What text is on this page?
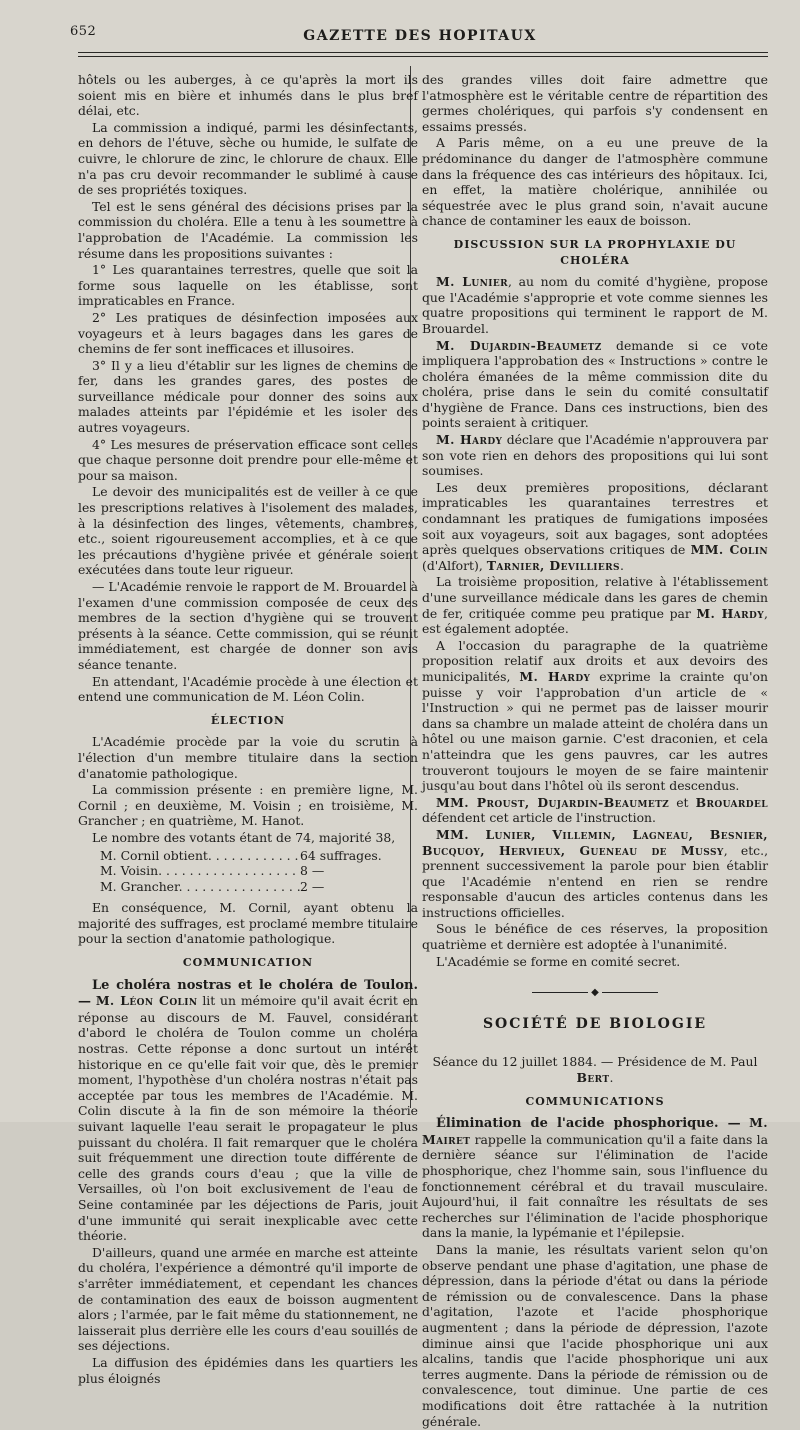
652	GAZETTE DES HOPITAUX

hôtels ou les auberges, à ce qu'après la mort ils soient mis en bière et inhumés dans le plus bref délai, etc.

La commission a indiqué, parmi les désinfectants, en dehors de l'étuve, sèche ou humide, le sulfate de cuivre, le chlorure de zinc, le chlorure de chaux. Elle n'a pas cru devoir recommander le sublimé à cause de ses propriétés toxiques.

Tel est le sens général des décisions prises par la commission du choléra. Elle a tenu à les soumettre à l'approbation de l'Académie. La commission les résume dans les propositions suivantes :

1° Les quarantaines terrestres, quelle que soit la forme sous laquelle on les établisse, sont impraticables en France.

2° Les pratiques de désinfection imposées aux voyageurs et à leurs bagages dans les gares de chemins de fer sont inefficaces et illusoires.

3° Il y a lieu d'établir sur les lignes de chemins de fer, dans les grandes gares, des postes de surveillance médicale pour donner des soins aux malades atteints par l'épidémie et les isoler des autres voyageurs.

4° Les mesures de préservation efficace sont celles que chaque personne doit prendre pour elle-même et pour sa maison.

Le devoir des municipalités est de veiller à ce que les prescriptions relatives à l'isolement des malades, à la désinfection des linges, vêtements, chambres, etc., soient rigoureusement accomplies, et à ce que les précautions d'hygiène privée et générale soient exécutées dans toute leur rigueur.

— L'Académie renvoie le rapport de M. Brouardel à l'examen d'une commission composée de ceux des membres de la section d'hygiène qui se trouvent présents à la séance. Cette commission, qui se réunit immédiatement, est chargée de donner son avis séance tenante.

En attendant, l'Académie procède à une élection et entend une communication de M. Léon Colin.

ÉLECTION

L'Académie procède par la voie du scrutin à l'élection d'un membre titulaire dans la section d'anatomie pathologique.

La commission présente : en première ligne, M. Cornil ; en deuxième, M. Voisin ; en troisième, M. Grancher ; en quatrième, M. Hanot.

Le nombre des votants étant de 74, majorité 38,

M. Cornil obtient. . . .	64 suffrages.
M. Voisin. . . .	8 —
M. Grancher. . . .	2 —

En conséquence, M. Cornil, ayant obtenu la majorité des suffrages, est proclamé membre titulaire pour la section d'anatomie pathologique.

COMMUNICATION

Le choléra nostras et le choléra de Toulon. — M. Léon Colin lit un mémoire qu'il avait écrit en réponse au discours de M. Fauvel, considérant d'abord le choléra de Toulon comme un choléra nostras. Cette réponse a donc surtout un intérêt historique en ce qu'elle fait voir que, dès le premier moment, l'hypothèse d'un choléra nostras n'était pas acceptée par tous les membres de l'Académie. M. Colin discute à la fin de son mémoire la théorie suivant laquelle l'eau serait le propagateur le plus puissant du choléra. Il fait remarquer que le choléra suit fréquemment une direction toute différente de celle des grands cours d'eau ; que la ville de Versailles, où l'on boit exclusivement de l'eau de Seine contaminée par les déjections de Paris, jouit d'une immunité qui serait inexplicable avec cette théorie.

D'ailleurs, quand une armée en marche est atteinte du choléra, l'expérience a démontré qu'il importe de s'arrêter immédiatement, et cependant les chances de contamination des eaux de boisson augmentent alors ; l'armée, par le fait même du stationnement, ne laisserait plus derrière elle les cours d'eau souillés de ses déjections.

La diffusion des épidémies dans les quartiers les plus éloignés

des grandes villes doit faire admettre que l'atmosphère est le véritable centre de répartition des germes cholériques, qui parfois s'y condensent en essaims pressés.

A Paris même, on a eu une preuve de la prédominance du danger de l'atmosphère commune dans la fréquence des cas intérieurs des hôpitaux. Ici, en effet, la matière cholérique, annihilée ou séquestrée avec le plus grand soin, n'avait aucune chance de contaminer les eaux de boisson.

DISCUSSION SUR LA PROPHYLAXIE DU CHOLÉRA

M. Lunier, au nom du comité d'hygiène, propose que l'Académie s'approprie et vote comme siennes les quatre propositions qui terminent le rapport de M. Brouardel.

M. Dujardin-Beaumetz demande si ce vote impliquera l'approbation des « Instructions » contre le choléra émanées de la même commission dite du choléra, prise dans le sein du comité consultatif d'hygiène de France. Dans ces instructions, bien des points seraient à critiquer.

M. Hardy déclare que l'Académie n'approuvera par son vote rien en dehors des propositions qui lui sont soumises.

Les deux premières propositions, déclarant impraticables les quarantaines terrestres et condamnant les pratiques de fumigations imposées soit aux voyageurs, soit aux bagages, sont adoptées après quelques observations critiques de MM. Colin (d'Alfort), Tarnier, Devilliers.

La troisième proposition, relative à l'établissement d'une surveillance médicale dans les gares de chemin de fer, critiquée comme peu pratique par M. Hardy, est également adoptée.

A l'occasion du paragraphe de la quatrième proposition relatif aux droits et aux devoirs des municipalités, M. Hardy exprime la crainte qu'on puisse y voir l'approbation d'un article de « l'Instruction » qui ne permet pas de laisser mourir dans sa chambre un malade atteint de choléra dans un hôtel ou une maison garnie. C'est draconien, et cela n'atteindra que les gens pauvres, car les autres trouveront toujours le moyen de se faire maintenir jusqu'au bout dans l'hôtel où ils seront descendus.

MM. Proust, Dujardin-Beaumetz et Brouardel défendent cet article de l'instruction.

MM. Lunier, Villemin, Lagneau, Besnier, Bucquoy, Hervieux, Gueneau de Mussy, etc., prennent successivement la parole pour bien établir que l'Académie n'entend en rien se rendre responsable d'aucun des articles contenus dans les instructions officielles.

Sous le bénéfice de ces réserves, la proposition quatrième et dernière est adoptée à l'unanimité.

L'Académie se forme en comité secret.

◆
SOCIÉTÉ DE BIOLOGIE
Séance du 12 juillet 1884. — Présidence de M. Paul Bert.
COMMUNICATIONS

Élimination de l'acide phosphorique. — M. Mairet rappelle la communication qu'il a faite dans la dernière séance sur l'élimination de l'acide phosphorique, chez l'homme sain, sous l'influence du fonctionnement cérébral et du travail musculaire. Aujourd'hui, il fait connaître les résultats de ses recherches sur l'élimination de l'acide phosphorique dans la manie, la lypémanie et l'épilepsie.

Dans la manie, les résultats varient selon qu'on observe pendant une phase d'agitation, une phase de dépression, dans la période d'état ou dans la période de rémission ou de convalescence. Dans la phase d'agitation, l'azote et l'acide phosphorique augmentent ; dans la période de dépression, l'azote diminue ainsi que l'acide phosphorique uni aux alcalins, tandis que l'acide phosphorique uni aux terres augmente. Dans la période de rémission ou de convalescence, tout diminue. Une partie de ces modifications doit être rattachée à la nutrition générale.
